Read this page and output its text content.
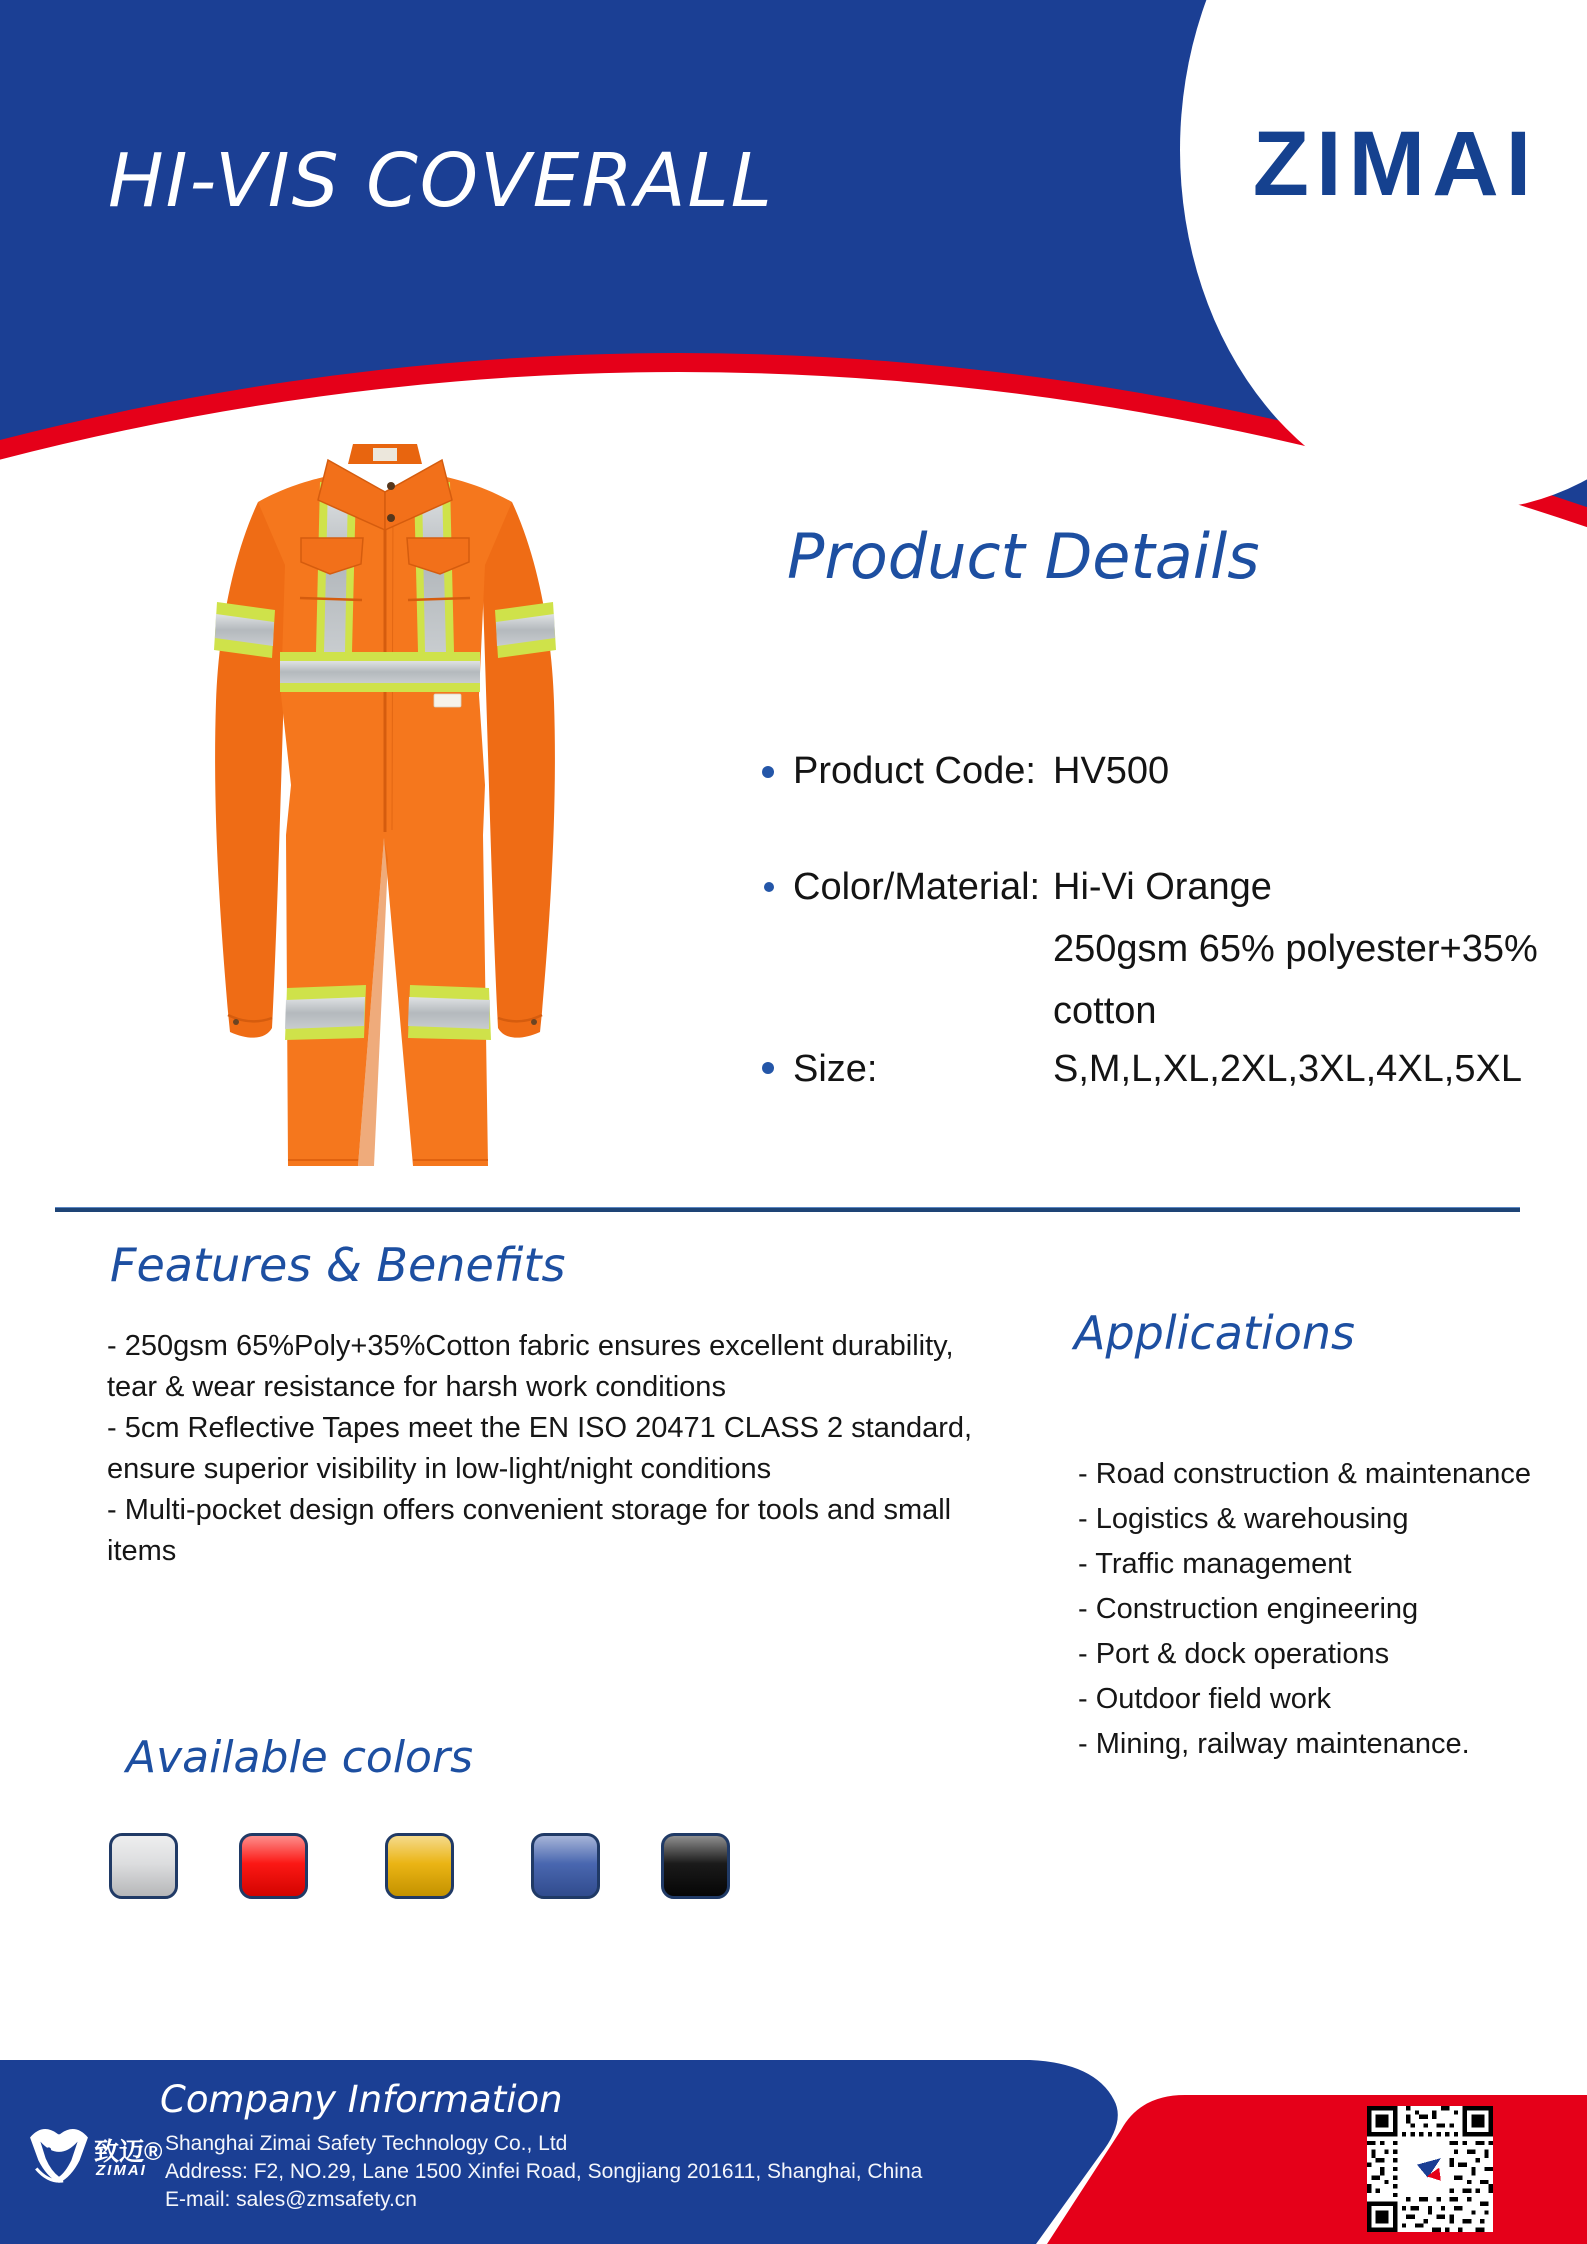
HI-VIS COVERALL	ZIMAI
Product Details
Product Code: HV500
Color/Material: Hi-Vi Orange
250gsm 65% polyester+35%
cotton
Size:	S,M,L,XL,2XL,3XL,4XL,5XL
Features & Benefits
- 250gsm 65%Poly+35%Cotton fabric ensures excellent durability,
tear & wear resistance for harsh work conditions
- 5cm Reflective Tapes meet the EN ISO 20471 CLASS 2 standard,
ensure superior visibility in low-light/night conditions
- Multi-pocket design offers convenient storage for tools and small
items
Applications
- Road construction & maintenance
- Logistics & warehousing
- Traffic management
- Construction engineering
- Port & dock operations
- Outdoor field work
- Mining, railway maintenance.
Available colors
Company Information
Shanghai Zimai Safety Technology Co., Ltd
Address: F2, NO.29, Lane 1500 Xinfei Road, Songjiang 201611, Shanghai, China
E-mail: sales@zmsafety.cn
致迈®
ZIMAI
